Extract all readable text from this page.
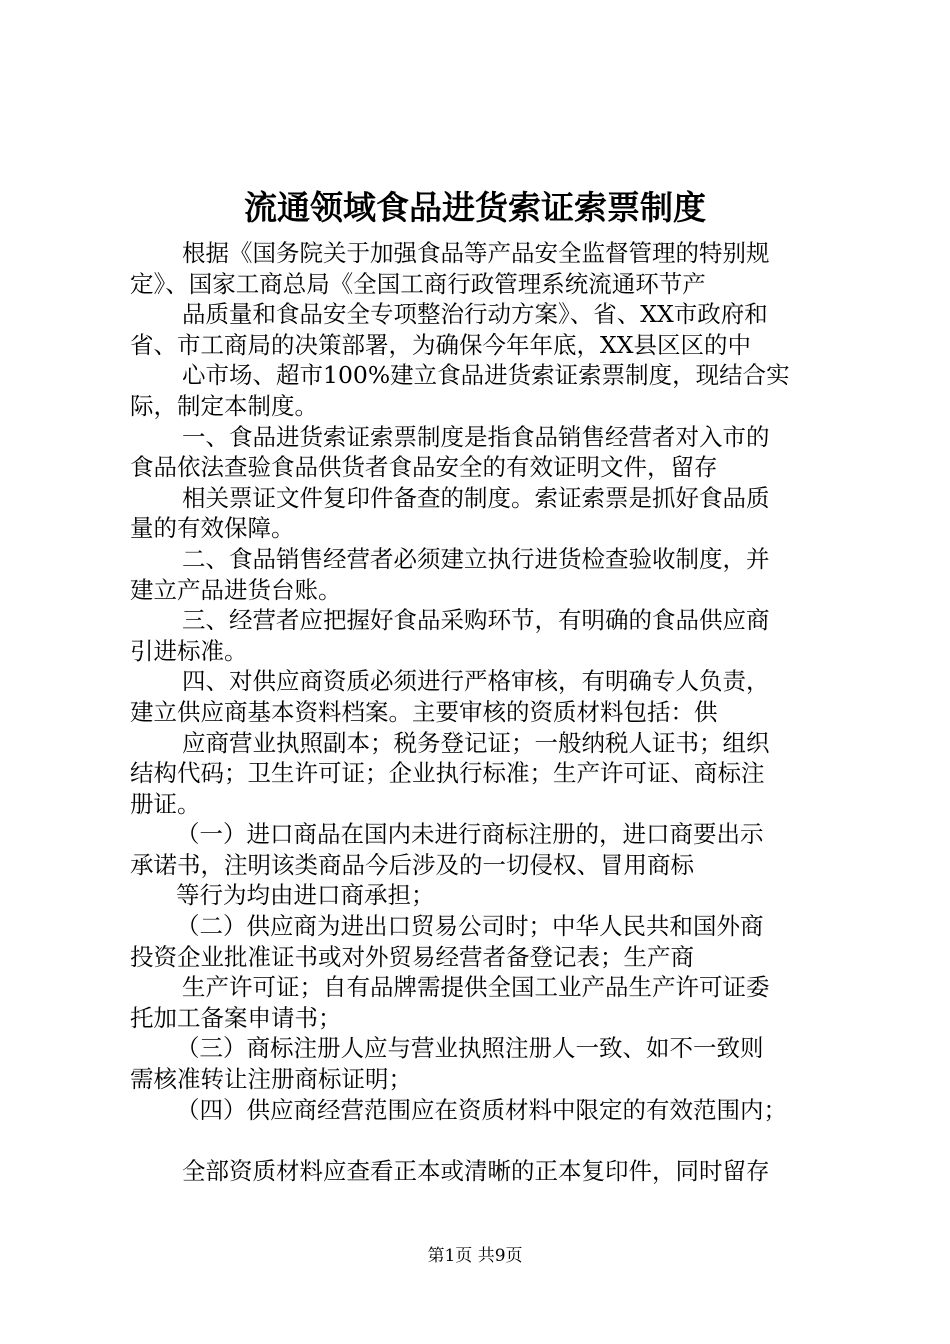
流通领域食品进货索证索票制度
根据《国务院关于加强食品等产品安全监督管理的特别规
定》、国家工商总局《全国工商行政管理系统流通环节产
品质量和食品安全专项整治行动方案》、省、XX市政府和
省、市工商局的决策部署，为确保今年年底，XX县区区的中
心市场、超市100%建立食品进货索证索票制度，现结合实
际，制定本制度。
一、食品进货索证索票制度是指食品销售经营者对入市的
食品依法查验食品供货者食品安全的有效证明文件，留存
相关票证文件复印件备查的制度。索证索票是抓好食品质
量的有效保障。
二、食品销售经营者必须建立执行进货检查验收制度，并
建立产品进货台账。
三、经营者应把握好食品采购环节，有明确的食品供应商
引进标准。
四、对供应商资质必须进行严格审核，有明确专人负责，
建立供应商基本资料档案。主要审核的资质材料包括：供
应商营业执照副本；税务登记证；一般纳税人证书；组织
结构代码；卫生许可证；企业执行标准；生产许可证、商标注
册证。
（一）进口商品在国内未进行商标注册的，进口商要出示
承诺书，注明该类商品今后涉及的一切侵权、冒用商标
等行为均由进口商承担；
（二）供应商为进出口贸易公司时；中华人民共和国外商
投资企业批准证书或对外贸易经营者备登记表；生产商
生产许可证；自有品牌需提供全国工业产品生产许可证委
托加工备案申请书；
（三）商标注册人应与营业执照注册人一致、如不一致则
需核准转让注册商标证明；
（四）供应商经营范围应在资质材料中限定的有效范围内；
全部资质材料应查看正本或清晰的正本复印件，同时留存
第1页 共9页
